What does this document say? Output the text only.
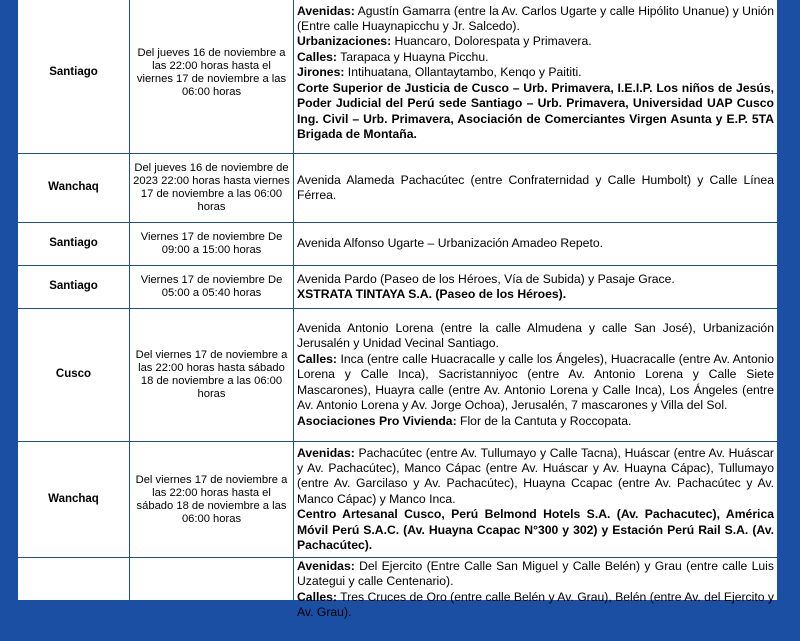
Santiago	Del jueves 16 de noviembre a las 22:00 horas hasta el viernes 17 de noviembre a las 06:00 horas	Avenidas: Agustín Gamarra (entre la Av. Carlos Ugarte y calle Hipólito Unanue) y Unión (Entre calle Huaynapicchu y Jr. Salcedo).

Urbanizaciones: Huancaro, Dolorespata y Primavera.

Calles: Tarapaca y Huayna Picchu.

Jirones: Intihuatana, Ollantaytambo, Kenqo y Paititi.

Corte Superior de Justicia de Cusco – Urb. Primavera, I.E.I.P. Los niños de Jesús, Poder Judicial del Perú sede Santiago – Urb. Primavera, Universidad UAP Cusco Ing. Civil – Urb. Primavera, Asociación de Comerciantes Virgen Asunta y E.P. 5TA Brigada de Montaña.

Wanchaq	Del jueves 16 de noviembre de 2023 22:00 horas hasta viernes 17 de noviembre a las 06:00 horas	Avenida Alameda Pachacútec (entre Confraternidad y Calle Humbolt) y Calle Línea Férrea.

Santiago	Viernes 17 de noviembre De 09:00 a 15:00 horas	Avenida Alfonso Ugarte – Urbanización Amadeo Repeto.

Santiago	Viernes 17 de noviembre De 05:00 a 05:40 horas	Avenida Pardo (Paseo de los Héroes, Vía de Subida) y Pasaje Grace.

XSTRATA TINTAYA S.A. (Paseo de los Héroes).

Cusco	Del viernes 17 de noviembre a las 22:00 horas hasta sábado 18 de noviembre a las 06:00 horas	Avenida Antonio Lorena (entre la calle Almudena y calle San José), Urbanización Jerusalén y Unidad Vecinal Santiago.

Calles: Inca (entre calle Huacracalle y calle los Ángeles), Huacracalle (entre Av. Antonio Lorena y Calle Inca), Sacristanniyoc (entre Av. Antonio Lorena y Calle Siete Mascarones), Huayra calle (entre Av. Antonio Lorena y Calle Inca), Los Ángeles (entre Av. Antonio Lorena y Av. Jorge Ochoa), Jerusalén, 7 mascarones y Villa del Sol.

Asociaciones Pro Vivienda: Flor de la Cantuta y Roccopata.

Wanchaq	Del viernes 17 de noviembre a las 22:00 horas hasta el sábado 18 de noviembre a las 06:00 horas	Avenidas: Pachacútec (entre Av. Tullumayo y Calle Tacna), Huáscar (entre Av. Huáscar y Av. Pachacútec), Manco Cápac (entre Av. Huáscar y Av. Huayna Cápac), Tullumayo (entre Av. Garcilaso y Av. Pachacútec), Huayna Ccapac (entre Av. Pachacútec y Av. Manco Cápac) y Manco Inca.

Centro Artesanal Cusco, Perú Belmond Hotels S.A. (Av. Pachacutec), América Móvil Perú S.A.C. (Av. Huayna Ccapac N°300 y 302) y Estación Perú Rail S.A. (Av. Pachacútec).

		Avenidas: Del Ejercito (Entre Calle San Miguel y Calle Belén) y Grau (entre calle Luis Uzategui y calle Centenario).

Calles: Tres Cruces de Oro (entre calle Belén y Av. Grau), Belén (entre Av. del Ejercito y Av. Grau).
